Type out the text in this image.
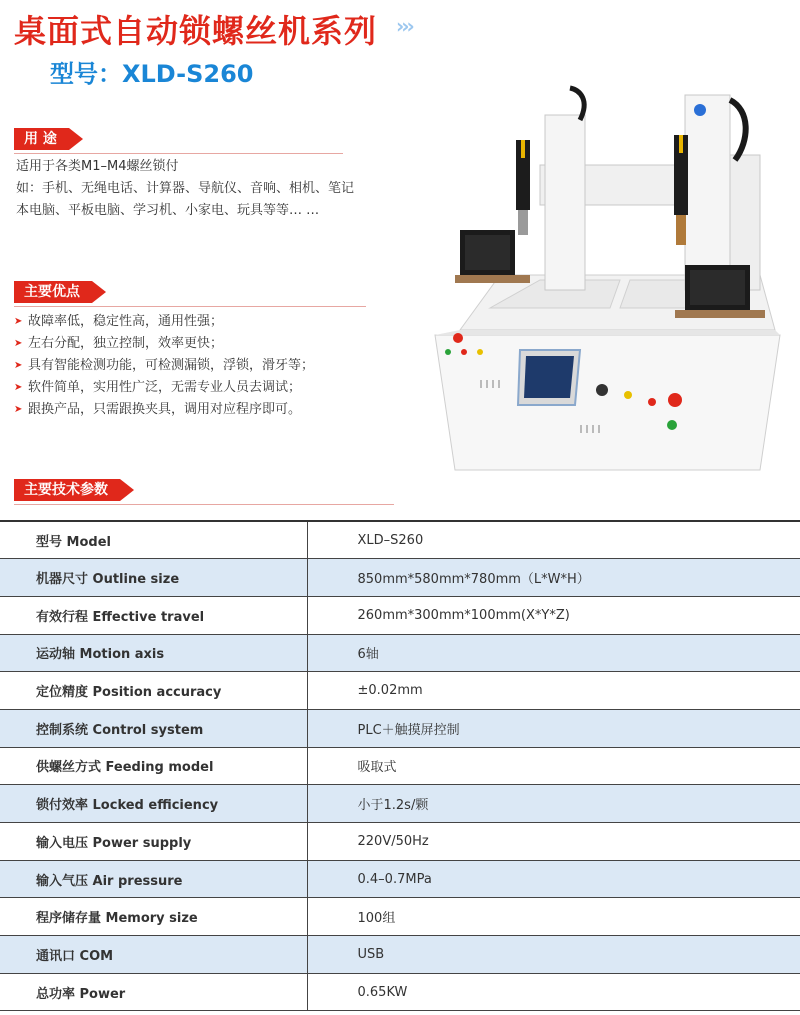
桌面式自动锁螺丝机系列 ›››
型号：XLD-S260
用 途

适用于各类M1–M4螺丝锁付

如：手机、无绳电话、计算器、导航仪、音响、相机、笔记

本电脑、平板电脑、学习机、小家电、玩具等等… …

主要优点
➤ 故障率低，稳定性高，通用性强；
➤ 左右分配，独立控制，效率更快；
➤ 具有智能检测功能，可检测漏锁，浮锁，滑牙等；
➤ 软件简单，实用性广泛，无需专业人员去调试；
➤ 跟换产品，只需跟换夹具，调用对应程序即可。
主要技术参数
型号 Model	XLD–S260
机器尺寸 Outline size	850mm*580mm*780mm（L*W*H）
有效行程 Effective travel	260mm*300mm*100mm(X*Y*Z)
运动轴 Motion axis	6轴
定位精度 Position accuracy	±0.02mm
控制系统 Control system	PLC＋触摸屏控制
供螺丝方式 Feeding model	吸取式
锁付效率 Locked efficiency	小于1.2s/颗
输入电压 Power supply	220V/50Hz
输入气压 Air pressure	0.4–0.7MPa
程序储存量 Memory size	100组
通讯口 COM	USB
总功率 Power	0.65KW
